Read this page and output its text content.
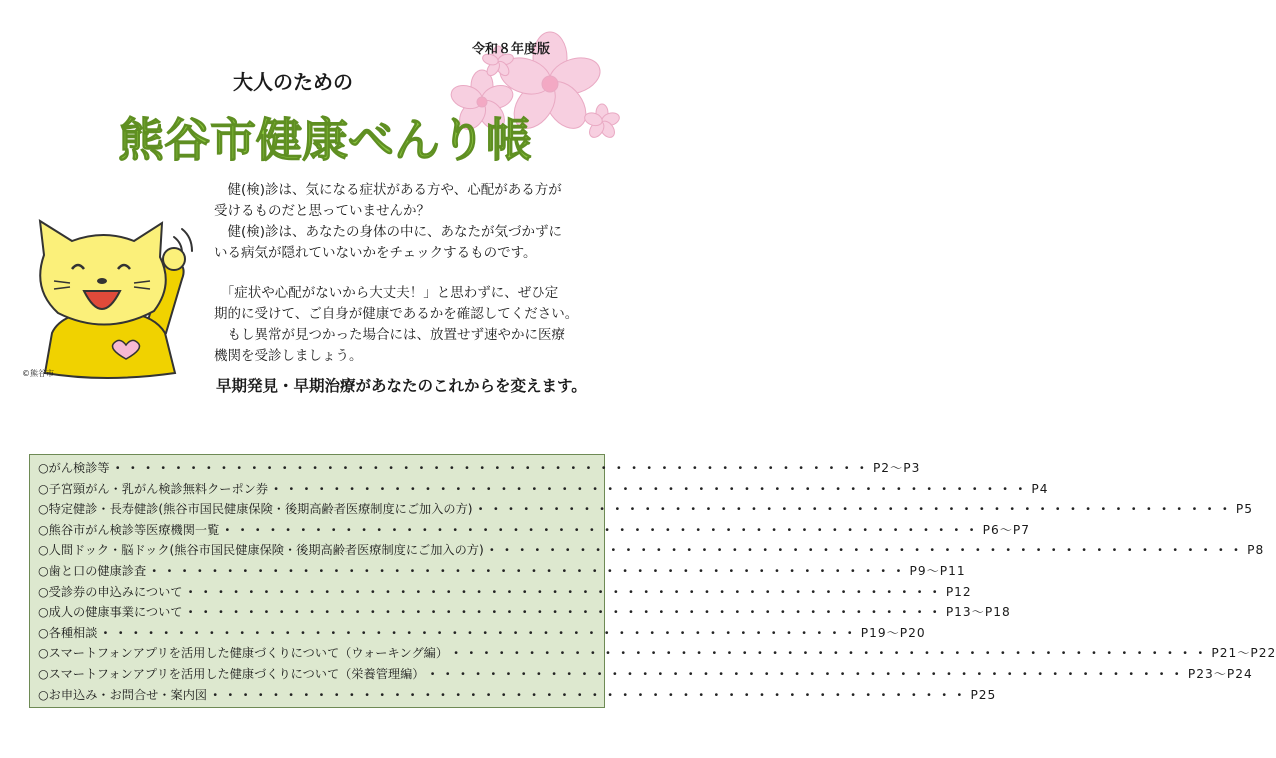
令和８年度版
大人のための
熊谷市健康べんり帳
©熊谷市

　健(検)診は、気になる症状がある方や、心配がある方が

受けるものだと思っていませんか？

　健(検)診は、あなたの身体の中に、あなたが気づかずに

いる病気が隠れていないかをチェックするものです。

　「症状や心配がないから大丈夫！」と思わずに、ぜひ定

期的に受けて、ご自身が健康であるかを確認してください。

　もし異常が見つかった場合には、放置せず速やかに医療

機関を受診しましょう。

早期発見・早期治療があなたのこれからを変えます。
○がん検診等 ・・・・・・・・・・・・・・・・・・・・・・・・・・・・・・・・・・・・・・・・・・・・・・・・・・ P2～P3
○子宮頸がん・乳がん検診無料クーポン券 ・・・・・・・・・・・・・・・・・・・・・・・・・・・・・・・・・・・・・・・・・・・・・・・・・・ P4
○特定健診・長寿健診(熊谷市国民健康保険・後期高齢者医療制度にご加入の方) ・・・・・・・・・・・・・・・・・・・・・・・・・・・・・・・・・・・・・・・・・・・・・・・・・・ P5
○熊谷市がん検診等医療機関一覧 ・・・・・・・・・・・・・・・・・・・・・・・・・・・・・・・・・・・・・・・・・・・・・・・・・・ P6～P7
○人間ドック・脳ドック(熊谷市国民健康保険・後期高齢者医療制度にご加入の方) ・・・・・・・・・・・・・・・・・・・・・・・・・・・・・・・・・・・・・・・・・・・・・・・・・・ P8
○歯と口の健康診査 ・・・・・・・・・・・・・・・・・・・・・・・・・・・・・・・・・・・・・・・・・・・・・・・・・・ P9～P11
○受診券の申込みについて ・・・・・・・・・・・・・・・・・・・・・・・・・・・・・・・・・・・・・・・・・・・・・・・・・・ P12
○成人の健康事業について ・・・・・・・・・・・・・・・・・・・・・・・・・・・・・・・・・・・・・・・・・・・・・・・・・・ P13～P18
○各種相談 ・・・・・・・・・・・・・・・・・・・・・・・・・・・・・・・・・・・・・・・・・・・・・・・・・・ P19～P20
○スマートフォンアプリを活用した健康づくりについて（ウォーキング編） ・・・・・・・・・・・・・・・・・・・・・・・・・・・・・・・・・・・・・・・・・・・・・・・・・・ P21～P22
○スマートフォンアプリを活用した健康づくりについて（栄養管理編） ・・・・・・・・・・・・・・・・・・・・・・・・・・・・・・・・・・・・・・・・・・・・・・・・・・ P23～P24
○お申込み・お問合せ・案内図 ・・・・・・・・・・・・・・・・・・・・・・・・・・・・・・・・・・・・・・・・・・・・・・・・・・ P25
